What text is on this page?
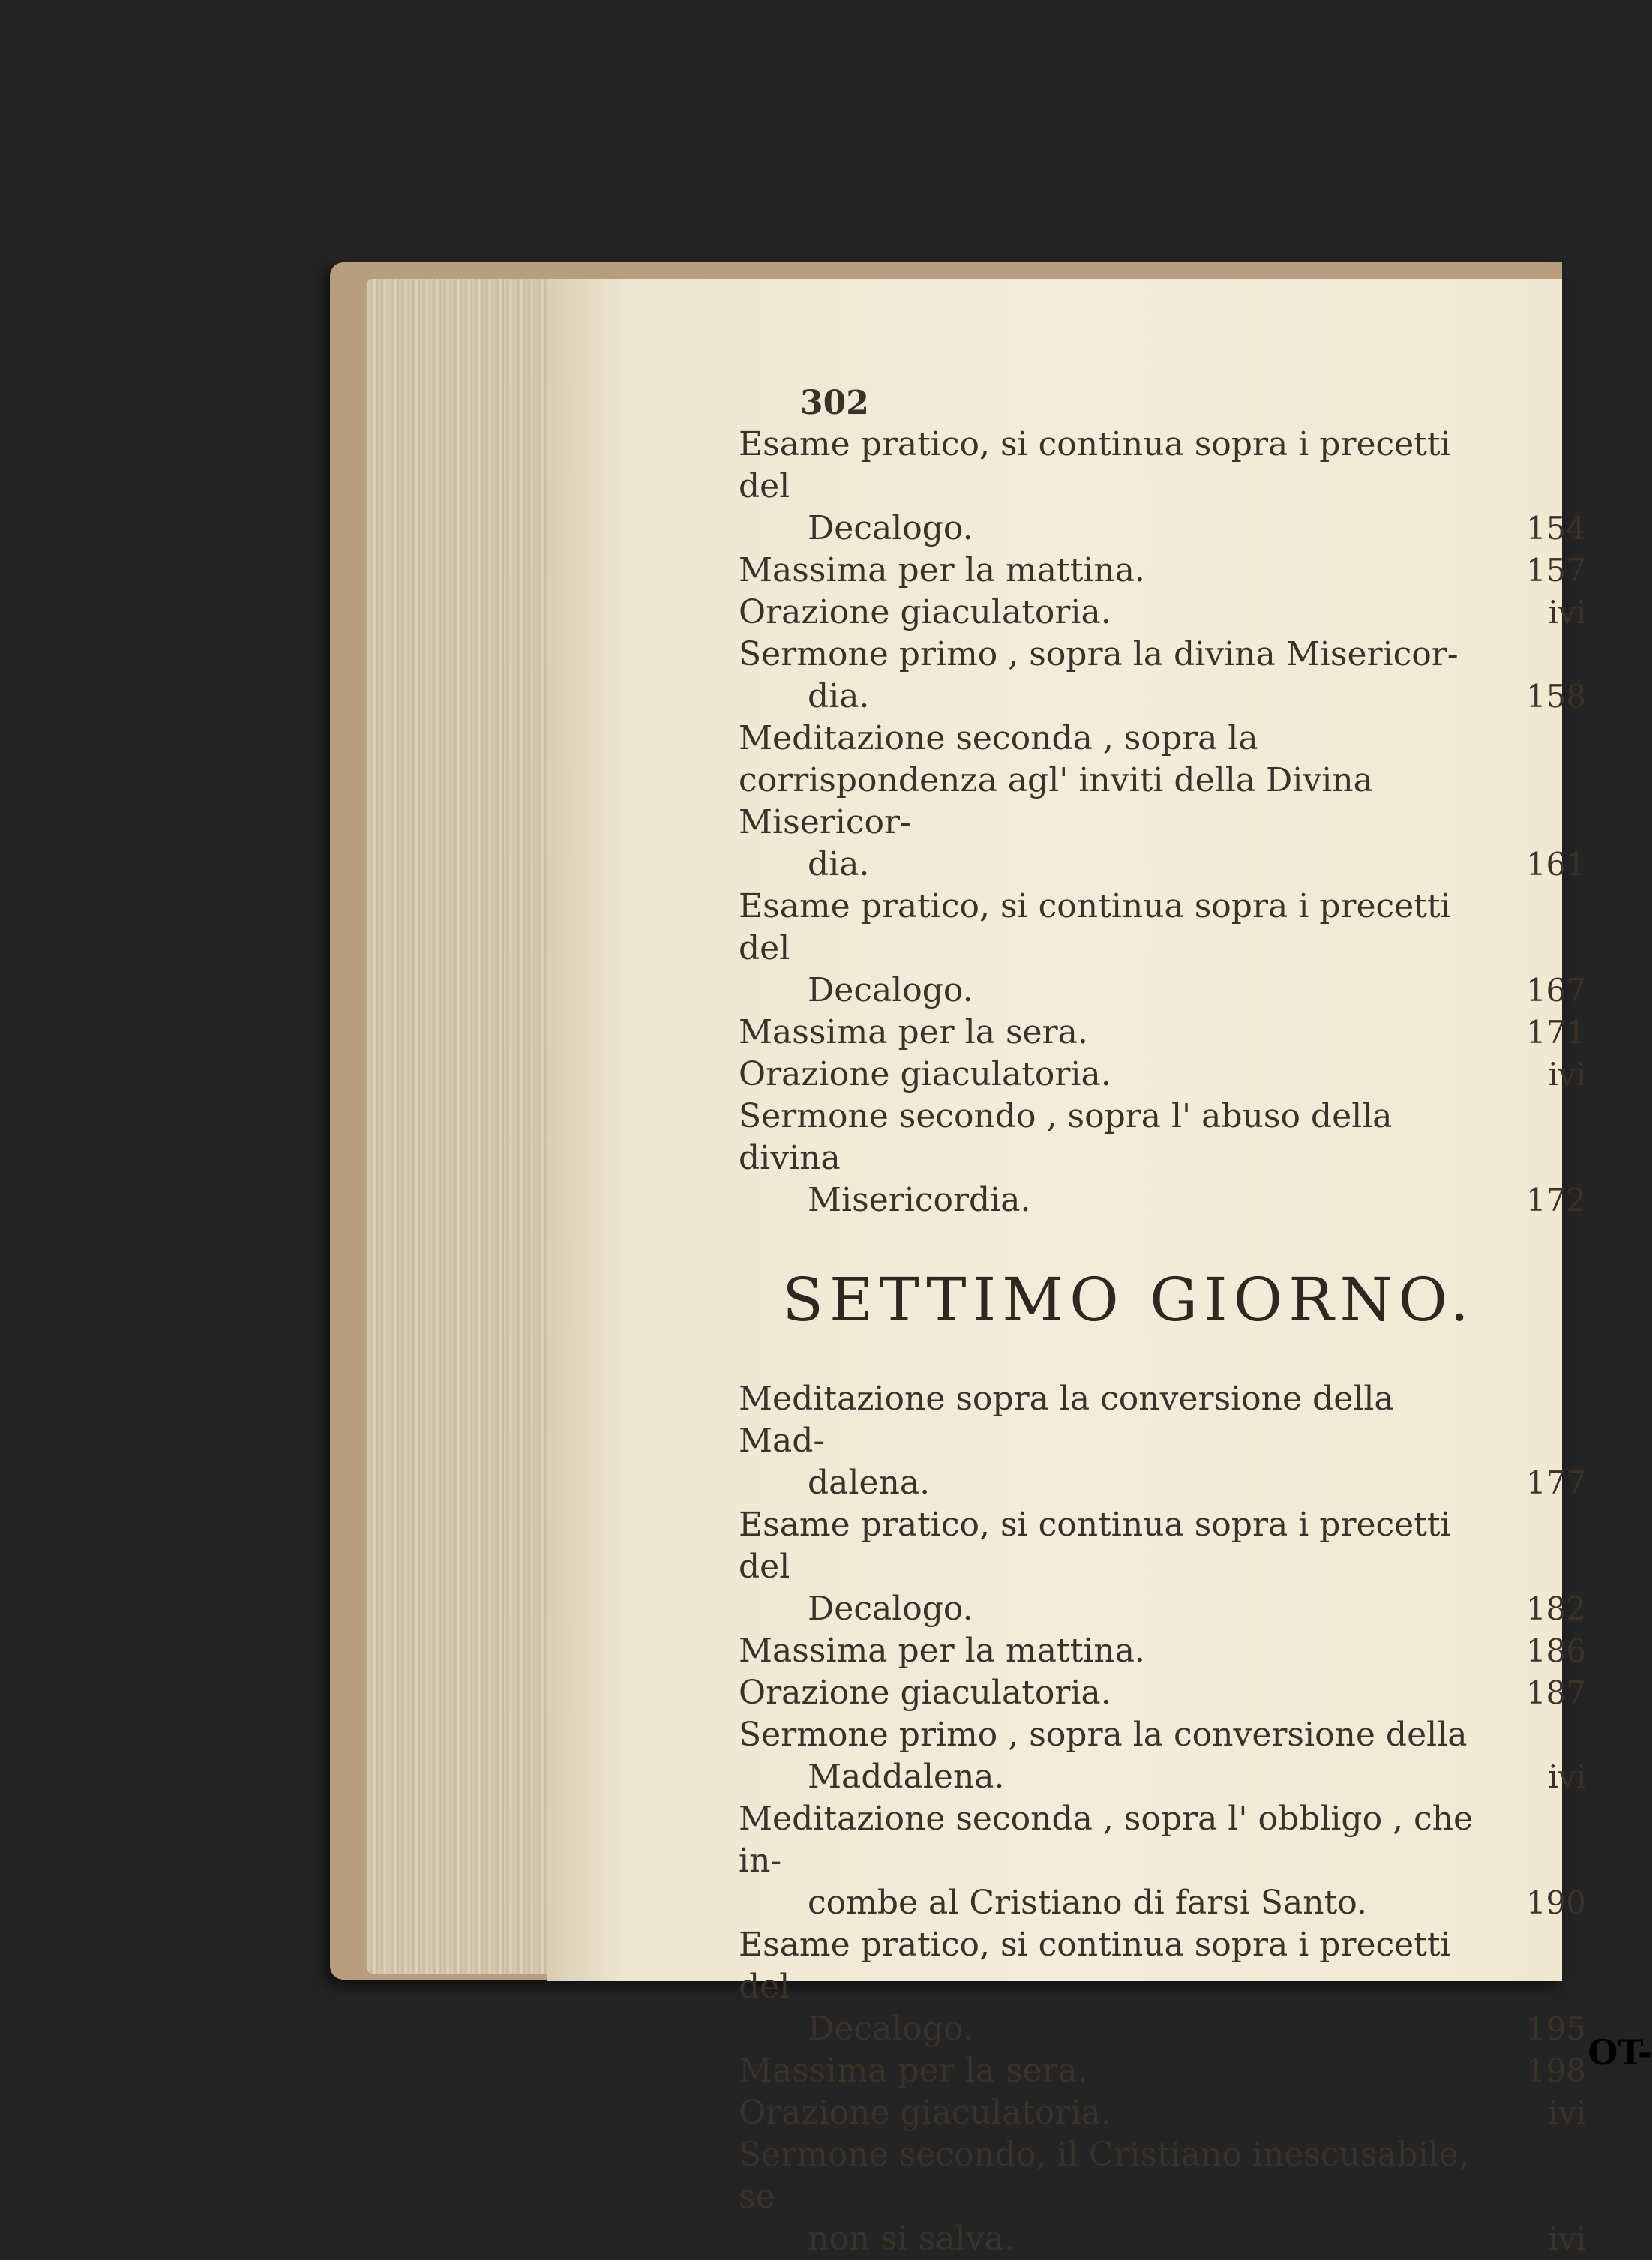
302
Esame pratico, si continua sopra i precetti del
Decalogo.	154
Massima per la mattina.	157
Orazione giaculatoria.	ivi
Sermone primo , sopra la divina Misericor-
dia.	158
Meditazione seconda , sopra la corrispondenza agl' inviti della Divina Misericor-
dia.	161
Esame pratico, si continua sopra i precetti del
Decalogo.	167
Massima per la sera.	171
Orazione giaculatoria.	ivi
Sermone secondo , sopra l' abuso della divina
Misericordia.	172
SETTIMO GIORNO.
Meditazione sopra la conversione della Mad-
dalena.	177
Esame pratico, si continua sopra i precetti del
Decalogo.	182
Massima per la mattina.	186
Orazione giaculatoria.	187
Sermone primo , sopra la conversione della
Maddalena.	ivi
Meditazione seconda , sopra l' obbligo , che in-
combe al Cristiano di farsi Santo.	190
Esame pratico, si continua sopra i precetti del
Decalogo.	195
Massima per la sera.	198
Orazione giaculatoria.	ivi
Sermone secondo, il Cristiano inescusabile, se
non si salva.	ivi
OT-
